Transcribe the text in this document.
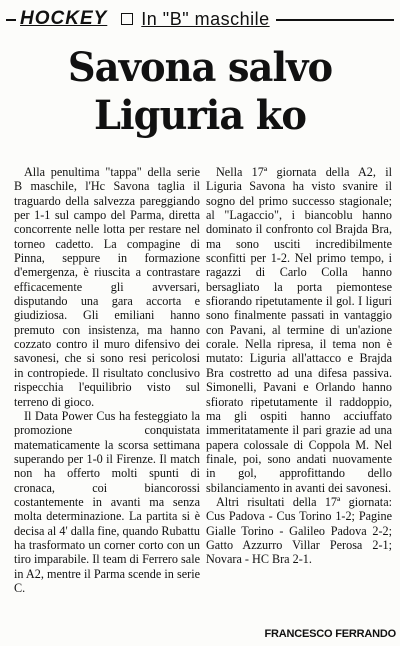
HOCKEY In "B" maschile
Savona salvo
Liguria ko

Alla penultima "tappa" della serie B maschile, l'Hc Savona taglia il traguardo della salvezza pareggiando per 1-1 sul campo del Parma, diretta concorrente nelle lotta per restare nel torneo cadetto. La compagine di Pinna, seppure in formazione d'emergenza, è riuscita a contrastare efficacemente gli avversari, disputando una gara accorta e giudiziosa. Gli emiliani hanno premuto con insistenza, ma hanno cozzato contro il muro difensivo dei savonesi, che si sono resi pericolosi in contropiede. Il risultato conclusivo rispecchia l'equilibrio visto sul terreno di gioco.

Il Data Power Cus ha festeggiato la promozione conquistata matematicamente la scorsa settimana superando per 1-0 il Firenze. Il match non ha offerto molti spunti di cronaca, coi biancorossi costantemente in avanti ma senza molta determinazione. La partita si è decisa al 4' dalla fine, quando Rubattu ha trasformato un corner corto con un tiro imparabile. Il team di Ferrero sale in A2, mentre il Parma scende in serie C.

Nella 17ª giornata della A2, il Liguria Savona ha visto svanire il sogno del primo successo stagionale; al "Lagaccio", i biancoblu hanno dominato il confronto col Brajda Bra, ma sono usciti incredibilmente sconfitti per 1-2. Nel primo tempo, i ragazzi di Carlo Colla hanno bersagliato la porta piemontese sfiorando ripetutamente il gol. I liguri sono finalmente passati in vantaggio con Pavani, al termine di un'azione corale. Nella ripresa, il tema non è mutato: Liguria all'attacco e Brajda Bra costretto ad una difesa passiva. Simonelli, Pavani e Orlando hanno sfiorato ripetutamente il raddoppio, ma gli ospiti hanno acciuffato immeritatamente il pari grazie ad una papera colossale di Coppola M. Nel finale, poi, sono andati nuovamente in gol, approfittando dello sbilanciamento in avanti dei savonesi.

Altri risultati della 17ª giornata: Cus Padova - Cus Torino 1-2; Pagine Gialle Torino - Galileo Padova 2-2; Gatto Azzurro Villar Perosa 2-1; Novara - HC Bra 2-1.

FRANCESCO FERRANDO
